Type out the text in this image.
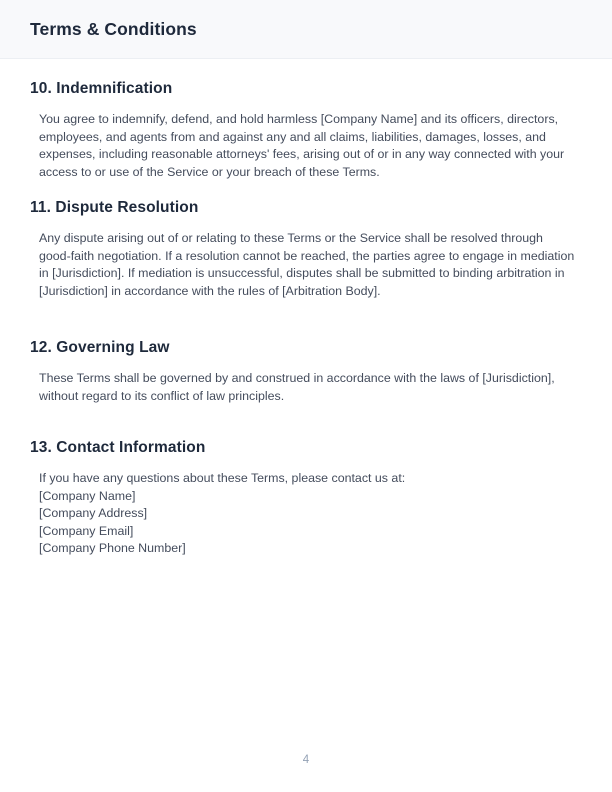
Terms & Conditions
10. Indemnification
You agree to indemnify, defend, and hold harmless [Company Name] and its officers, directors, employees, and agents from and against any and all claims, liabilities, damages, losses, and expenses, including reasonable attorneys' fees, arising out of or in any way connected with your access to or use of the Service or your breach of these Terms.
11. Dispute Resolution
Any dispute arising out of or relating to these Terms or the Service shall be resolved through good-faith negotiation. If a resolution cannot be reached, the parties agree to engage in mediation in [Jurisdiction]. If mediation is unsuccessful, disputes shall be submitted to binding arbitration in [Jurisdiction] in accordance with the rules of [Arbitration Body].
12. Governing Law
These Terms shall be governed by and construed in accordance with the laws of [Jurisdiction], without regard to its conflict of law principles.
13. Contact Information
If you have any questions about these Terms, please contact us at:
[Company Name]
[Company Address]
[Company Email]
[Company Phone Number]
4
